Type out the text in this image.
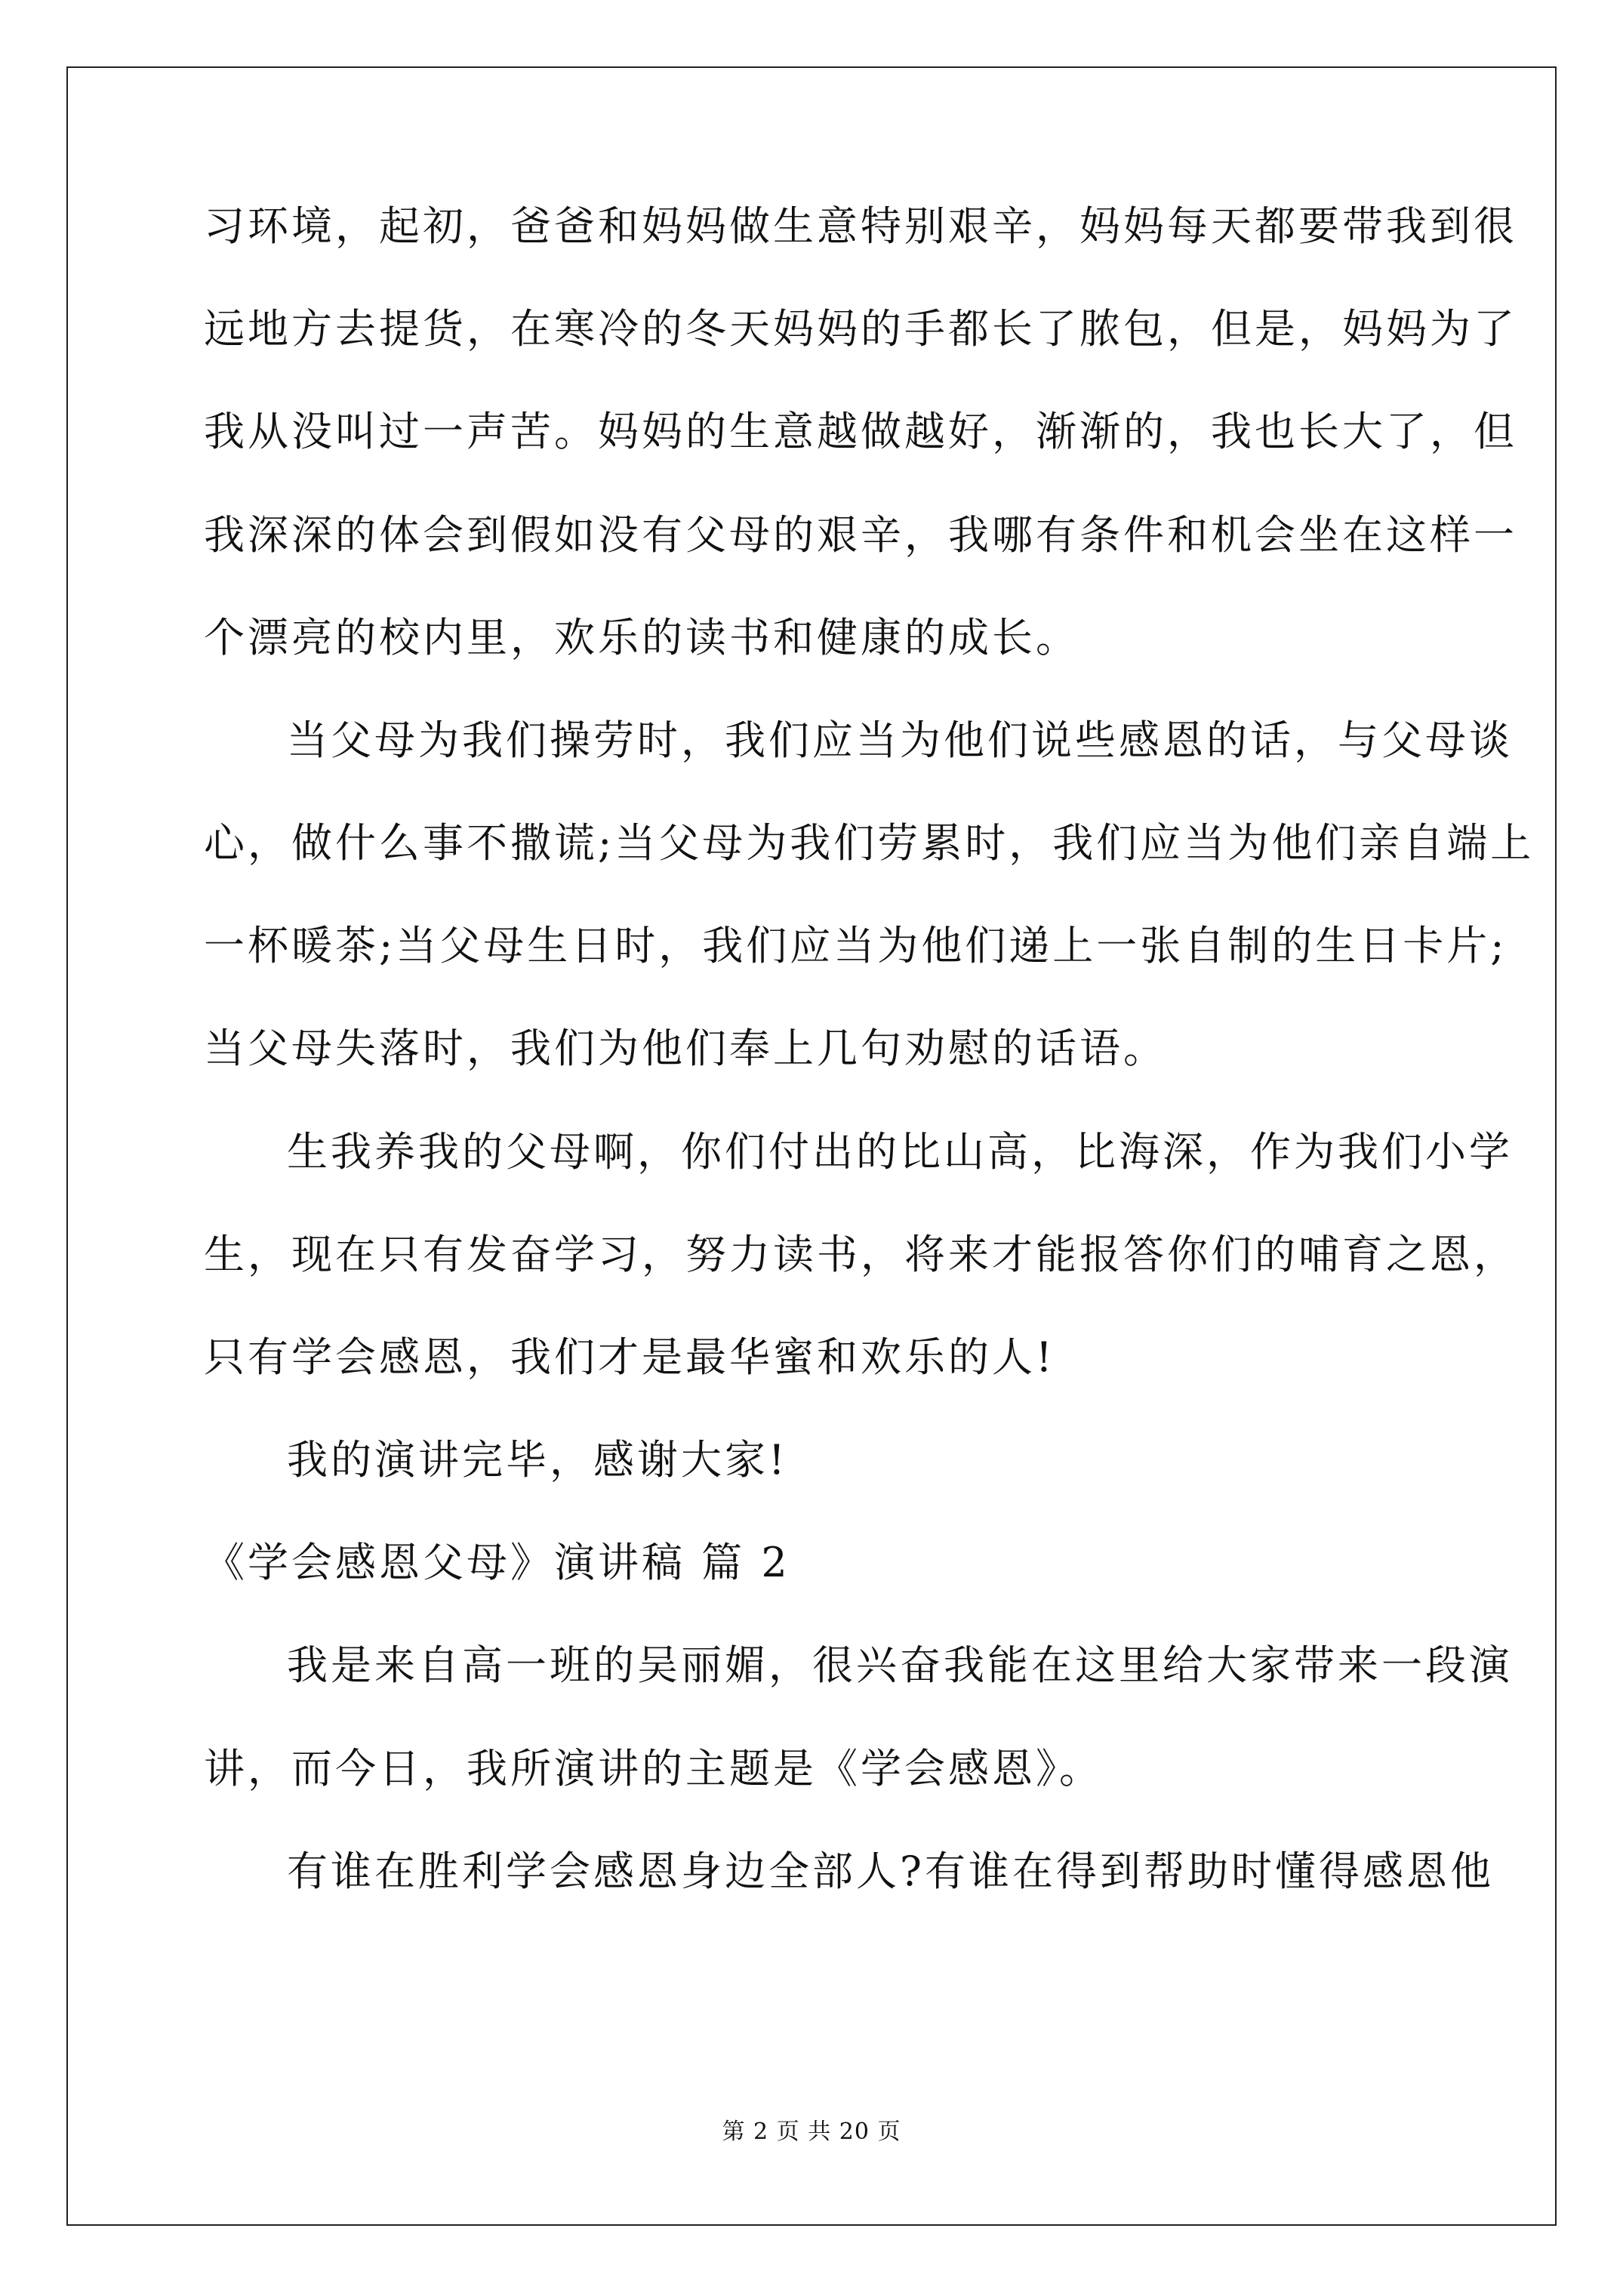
习环境，起初，爸爸和妈妈做生意特别艰辛，妈妈每天都要带我到很
远地方去提货，在寒冷的冬天妈妈的手都长了脓包，但是，妈妈为了
我从没叫过一声苦。妈妈的生意越做越好，渐渐的，我也长大了，但
我深深的体会到假如没有父母的艰辛，我哪有条件和机会坐在这样一
个漂亮的校内里，欢乐的读书和健康的成长。
当父母为我们操劳时，我们应当为他们说些感恩的话，与父母谈
心，做什么事不撒谎;当父母为我们劳累时，我们应当为他们亲自端上
一杯暖茶;当父母生日时，我们应当为他们递上一张自制的生日卡片;
当父母失落时，我们为他们奉上几句劝慰的话语。
生我养我的父母啊，你们付出的比山高，比海深，作为我们小学
生，现在只有发奋学习，努力读书，将来才能报答你们的哺育之恩，
只有学会感恩，我们才是最华蜜和欢乐的人!
我的演讲完毕，感谢大家!
《学会感恩父母》演讲稿 篇 2
我是来自高一班的吴丽媚，很兴奋我能在这里给大家带来一段演
讲，而今日，我所演讲的主题是《学会感恩》。
有谁在胜利学会感恩身边全部人?有谁在得到帮助时懂得感恩他
第 2 页 共 20 页
